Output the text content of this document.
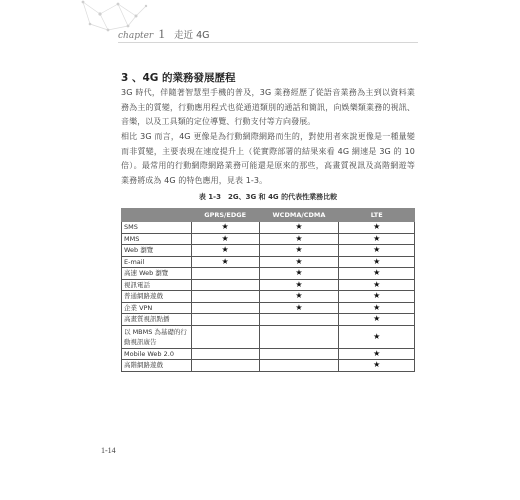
chapter 1 走近 4G
3 、4G 的業務發展歷程
3G 時代，伴隨著智慧型手機的普及，3G 業務經歷了從語音業務為主到以資料業務為主的質變，行動應用程式也從通道類別的通話和簡訊，向娛樂類業務的視訊、音樂，以及工具類的定位導覽、行動支付等方向發展。
相比 3G 而言，4G 更像是為行動網際網路而生的，對使用者來說更像是一種量變而非質變，主要表現在速度提升上（從實際部署的結果來看 4G 網速是 3G 的 10 倍）。最常用的行動網際網路業務可能還是原來的那些，高畫質視訊及高階網遊等業務將成為 4G 的特色應用，見表 1-3。
表 1-3　2G、3G 和 4G 的代表性業務比較
	GPRS/EDGE	WCDMA/CDMA	LTE
SMS	★	★	★
MMS	★	★	★
Web 瀏覽	★	★	★
E-mail	★	★	★
高速 Web 瀏覽		★	★
視訊電話		★	★
普通網路遊戲		★	★
企業 VPN		★	★
高畫質視訊點播			★
以 MBMS 為基礎的行動視訊廣告			★
Mobile Web 2.0			★
高階網路遊戲			★
1-14
